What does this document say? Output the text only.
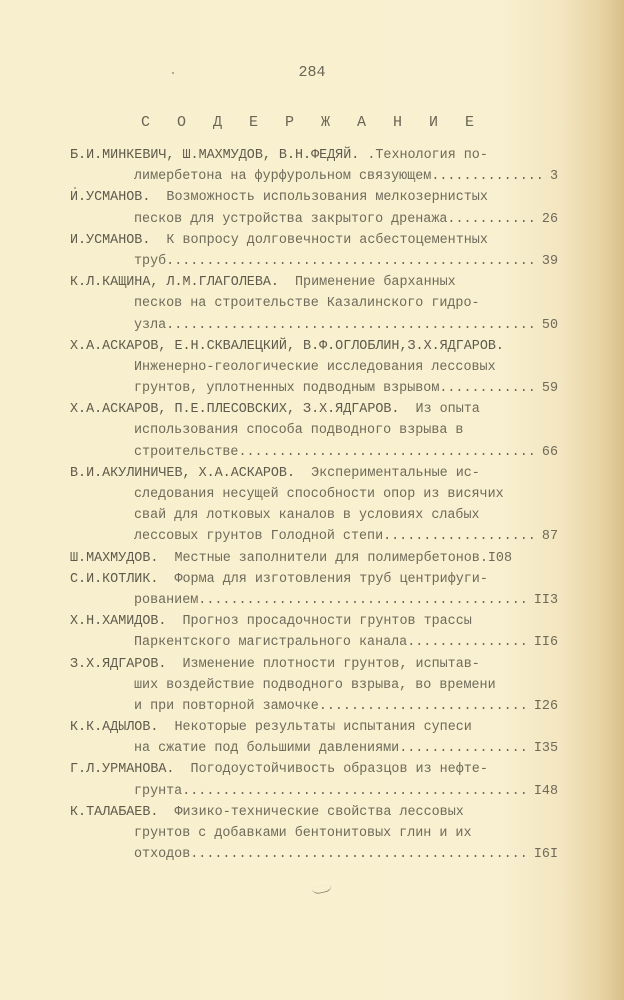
284
С О Д Е Р Ж А Н И Е
Б.И.МИНКЕВИЧ, Ш.МАХМУДОВ, В.Н.ФЕДЯЙ. .Технология по-
лимербетона на фурфурольном связующем .....	3
И.УСМАНОВ.  Возможность использования мелкозернистых
песков для устройства закрытого дренажа .....	26
И.УСМАНОВ.  К вопросу долговечности асбестоцементных
труб .....	39
К.Л.КАЩИНА, Л.М.ГЛАГОЛЕВА.  Применение барханных
песков на строительстве Казалинского гидро-
узла .....	50
Х.А.АСКАРОВ, Е.Н.СКВАЛЕЦКИЙ, В.Ф.ОГЛОБЛИН,З.Х.ЯДГАРОВ.
Инженерно-геологические исследования лессовых
грунтов, уплотненных подводным взрывом .....	59
Х.А.АСКАРОВ, П.Е.ПЛЕСОВСКИХ, З.Х.ЯДГАРОВ.  Из опыта
использования способа подводного взрыва в
строительстве .....	66
В.И.АКУЛИНИЧЕВ, Х.А.АСКАРОВ.  Экспериментальные ис-
следования несущей способности опор из висячих
свай для лотковых каналов в условиях слабых
лессовых грунтов Голодной степи .....	87
Ш.МАХМУДОВ. Местные заполнители для полимербетонов. I08
С.И.КОТЛИК.  Форма для изготовления труб центрифуги-
рованием .....	II3
Х.Н.ХАМИДОВ.  Прогноз просадочности грунтов трассы
Паркентского магистрального канала .....	II6
З.Х.ЯДГАРОВ.  Изменение плотности грунтов, испытав-
ших воздействие подводного взрыва, во времени
и при повторной замочке .....	I26
К.К.АДЫЛОВ.  Некоторые результаты испытания супеси
на сжатие под большими давлениями .....	I35
Г.Л.УРМАНОВА.  Погодоустойчивость образцов из нефте-
грунта .....	I48
К.ТАЛАБАЕВ.  Физико-технические свойства лессовых
грунтов с добавками бентонитовых глин и их
отходов .....	I6I
